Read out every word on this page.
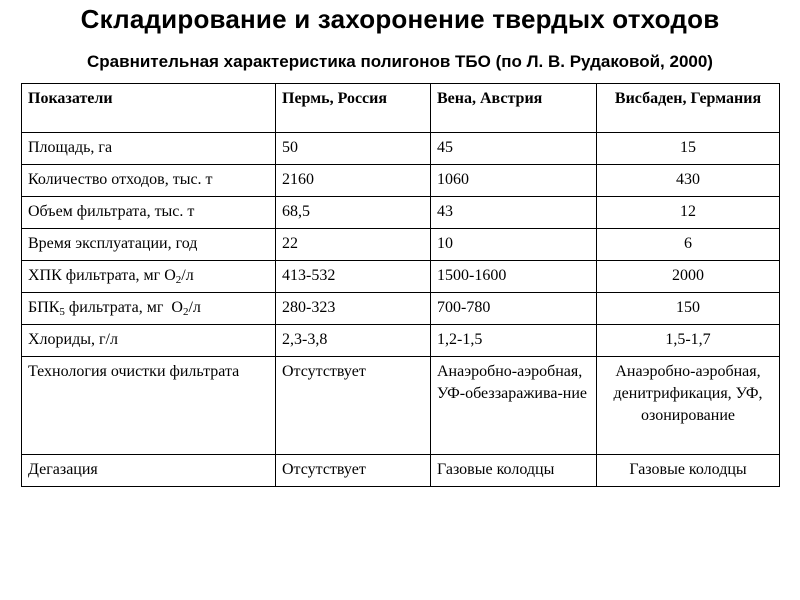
Складирование и захоронение твердых отходов
Сравнительная характеристика полигонов ТБО (по Л. В. Рудаковой, 2000)
Показатели	Пермь, Россия	Вена, Австрия	Висбаден, Германия
Площадь, га	50	45	15
Количество отходов, тыс. т	2160	1060	430
Объем фильтрата, тыс. т	68,5	43	12
Время эксплуатации, год	22	10	6
ХПК фильтрата, мг $О_2/л$	413-532	1500-1600	2000
$БПК_5$ фильтрата, мг  $О_2/л$	280-323	700-780	150
Хлориды, г/л	2,3-3,8	1,2-1,5	1,5-1,7
Технология очистки фильтрата	Отсутствует	Анаэробно-аэробная, УФ-обеззаражива-ние	Анаэробно-аэробная, денитрификация, УФ, озонирование
Дегазация	Отсутствует	Газовые колодцы	Газовые колодцы
